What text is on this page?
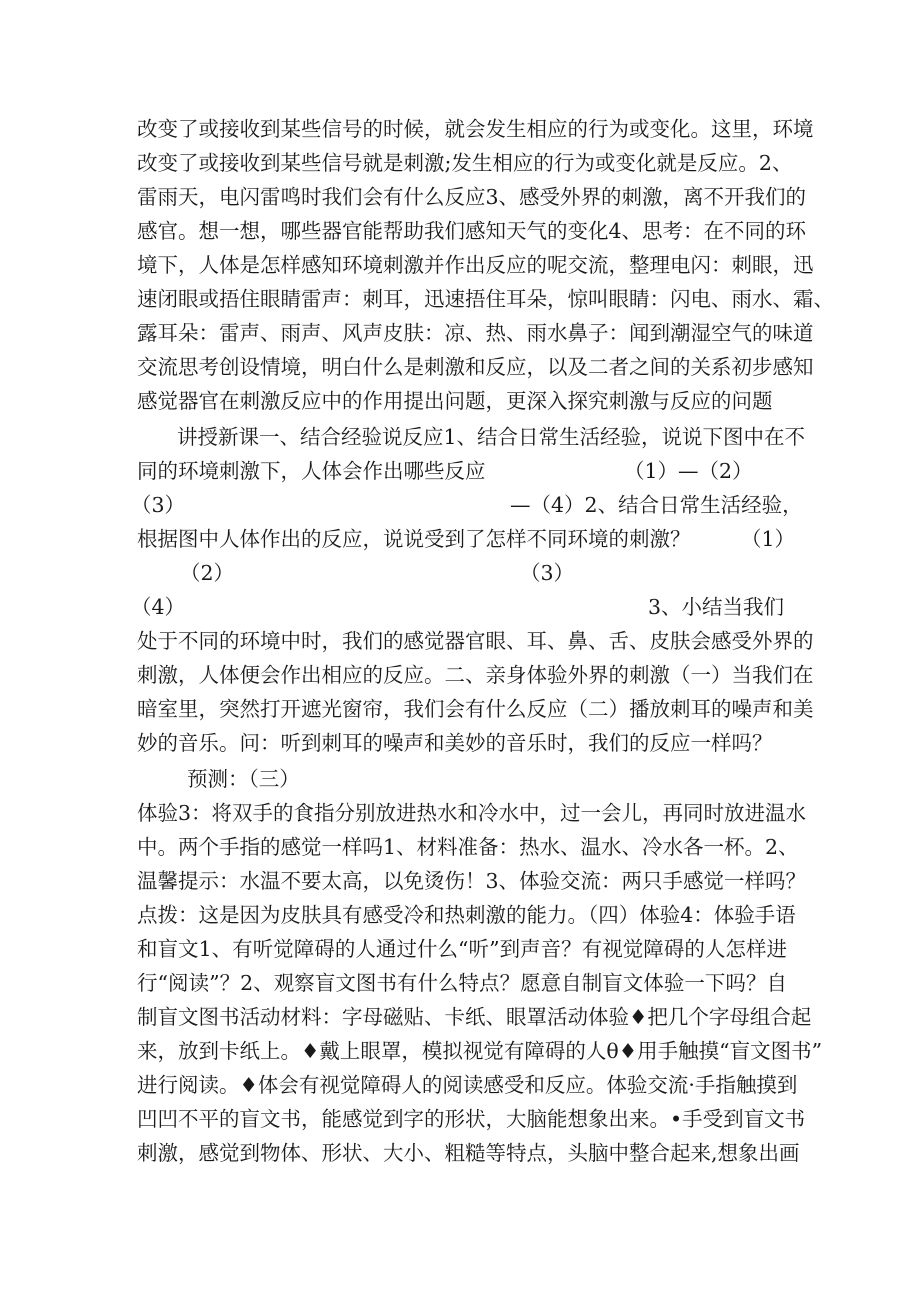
改变了或接收到某些信号的时候，就会发生相应的行为或变化。这里，环境
改变了或接收到某些信号就是刺激;发生相应的行为或变化就是反应。2、
雷雨天，电闪雷鸣时我们会有什么反应3、感受外界的刺激，离不开我们的
感官。想一想，哪些器官能帮助我们感知天气的变化4、思考：在不同的环
境下，人体是怎样感知环境刺激并作出反应的呢交流，整理电闪：刺眼，迅
速闭眼或捂住眼睛雷声：刺耳，迅速捂住耳朵，惊叫眼睛：闪电、雨水、霜、
露耳朵：雷声、雨声、风声皮肤：凉、热、雨水鼻子：闻到潮湿空气的味道
交流思考创设情境，明白什么是刺激和反应，以及二者之间的关系初步感知
感觉器官在刺激反应中的作用提出问题，更深入探究刺激与反应的问题
讲授新课一、结合经验说反应1、结合日常生活经验，说说下图中在不
同的环境刺激下，人体会作出哪些反应	（1）—（2）
（3）	—（4）2、结合日常生活经验，
根据图中人体作出的反应，说说受到了怎样不同环境的刺激？ （1）
（2）	（3）
（4）	3、小结当我们
处于不同的环境中时，我们的感觉器官眼、耳、鼻、舌、皮肤会感受外界的
刺激，人体便会作出相应的反应。二、亲身体验外界的刺激（一）当我们在
暗室里，突然打开遮光窗帘，我们会有什么反应（二）播放刺耳的噪声和美
妙的音乐。问：听到刺耳的噪声和美妙的音乐时，我们的反应一样吗？
预测：（三）
体验3：将双手的食指分别放进热水和冷水中，过一会儿，再同时放进温水
中。两个手指的感觉一样吗1、材料准备：热水、温水、冷水各一杯。2、
温馨提示：水温不要太高，以免烫伤！3、体验交流：两只手感觉一样吗？
点拨：这是因为皮肤具有感受冷和热刺激的能力。（四）体验4：体验手语
和盲文1、有听觉障碍的人通过什么“听”到声音？有视觉障碍的人怎样进
行“阅读”？2、观察盲文图书有什么特点？愿意自制盲文体验一下吗？自
制盲文图书活动材料：字母磁贴、卡纸、眼罩活动体验♦把几个字母组合起
来，放到卡纸上。♦戴上眼罩，模拟视觉有障碍的人θ♦用手触摸“盲文图书”
进行阅读。♦体会有视觉障碍人的阅读感受和反应。体验交流·手指触摸到
凹凹不平的盲文书，能感觉到字的形状，大脑能想象出来。•手受到盲文书
刺激，感觉到物体、形状、大小、粗糙等特点，头脑中整合起来,想象出画
